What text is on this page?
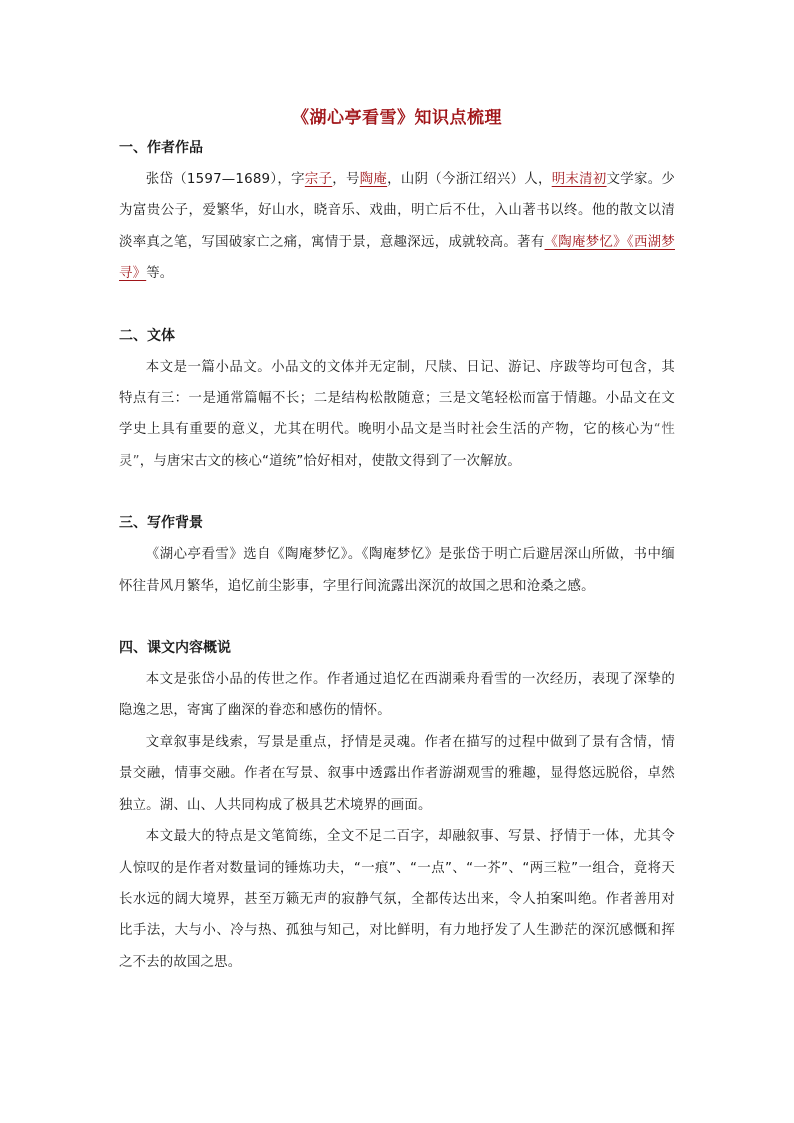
《湖心亭看雪》知识点梳理
一、作者作品

张岱（1597—1689），字宗子，号陶庵，山阴（今浙江绍兴）人，明末清初文学家。少为富贵公子，爱繁华，好山水，晓音乐、戏曲，明亡后不仕，入山著书以终。他的散文以清淡率真之笔，写国破家亡之痛，寓情于景，意趣深远，成就较高。著有《陶庵梦忆》《西湖梦寻》等。

二、文体

本文是一篇小品文。小品文的文体并无定制，尺牍、日记、游记、序跋等均可包含，其特点有三：一是通常篇幅不长；二是结构松散随意；三是文笔轻松而富于情趣。小品文在文学史上具有重要的意义，尤其在明代。晚明小品文是当时社会生活的产物，它的核心为“性灵”，与唐宋古文的核心“道统”恰好相对，使散文得到了一次解放。

三、写作背景

《湖心亭看雪》选自《陶庵梦忆》。《陶庵梦忆》是张岱于明亡后避居深山所做，书中缅怀往昔风月繁华，追忆前尘影事，字里行间流露出深沉的故国之思和沧桑之感。

四、课文内容概说

本文是张岱小品的传世之作。作者通过追忆在西湖乘舟看雪的一次经历，表现了深挚的隐逸之思，寄寓了幽深的眷恋和感伤的情怀。

文章叙事是线索，写景是重点，抒情是灵魂。作者在描写的过程中做到了景有含情，情景交融，情事交融。作者在写景、叙事中透露出作者游湖观雪的雅趣，显得悠远脱俗，卓然独立。湖、山、人共同构成了极具艺术境界的画面。

本文最大的特点是文笔简练，全文不足二百字，却融叙事、写景、抒情于一体，尤其令人惊叹的是作者对数量词的锤炼功夫，“一痕”、“一点”、“一芥”、“两三粒”一组合，竟将天长水远的阔大境界，甚至万籁无声的寂静气氛，全都传达出来，令人拍案叫绝。作者善用对比手法，大与小、冷与热、孤独与知己，对比鲜明，有力地抒发了人生渺茫的深沉感慨和挥之不去的故国之思。
